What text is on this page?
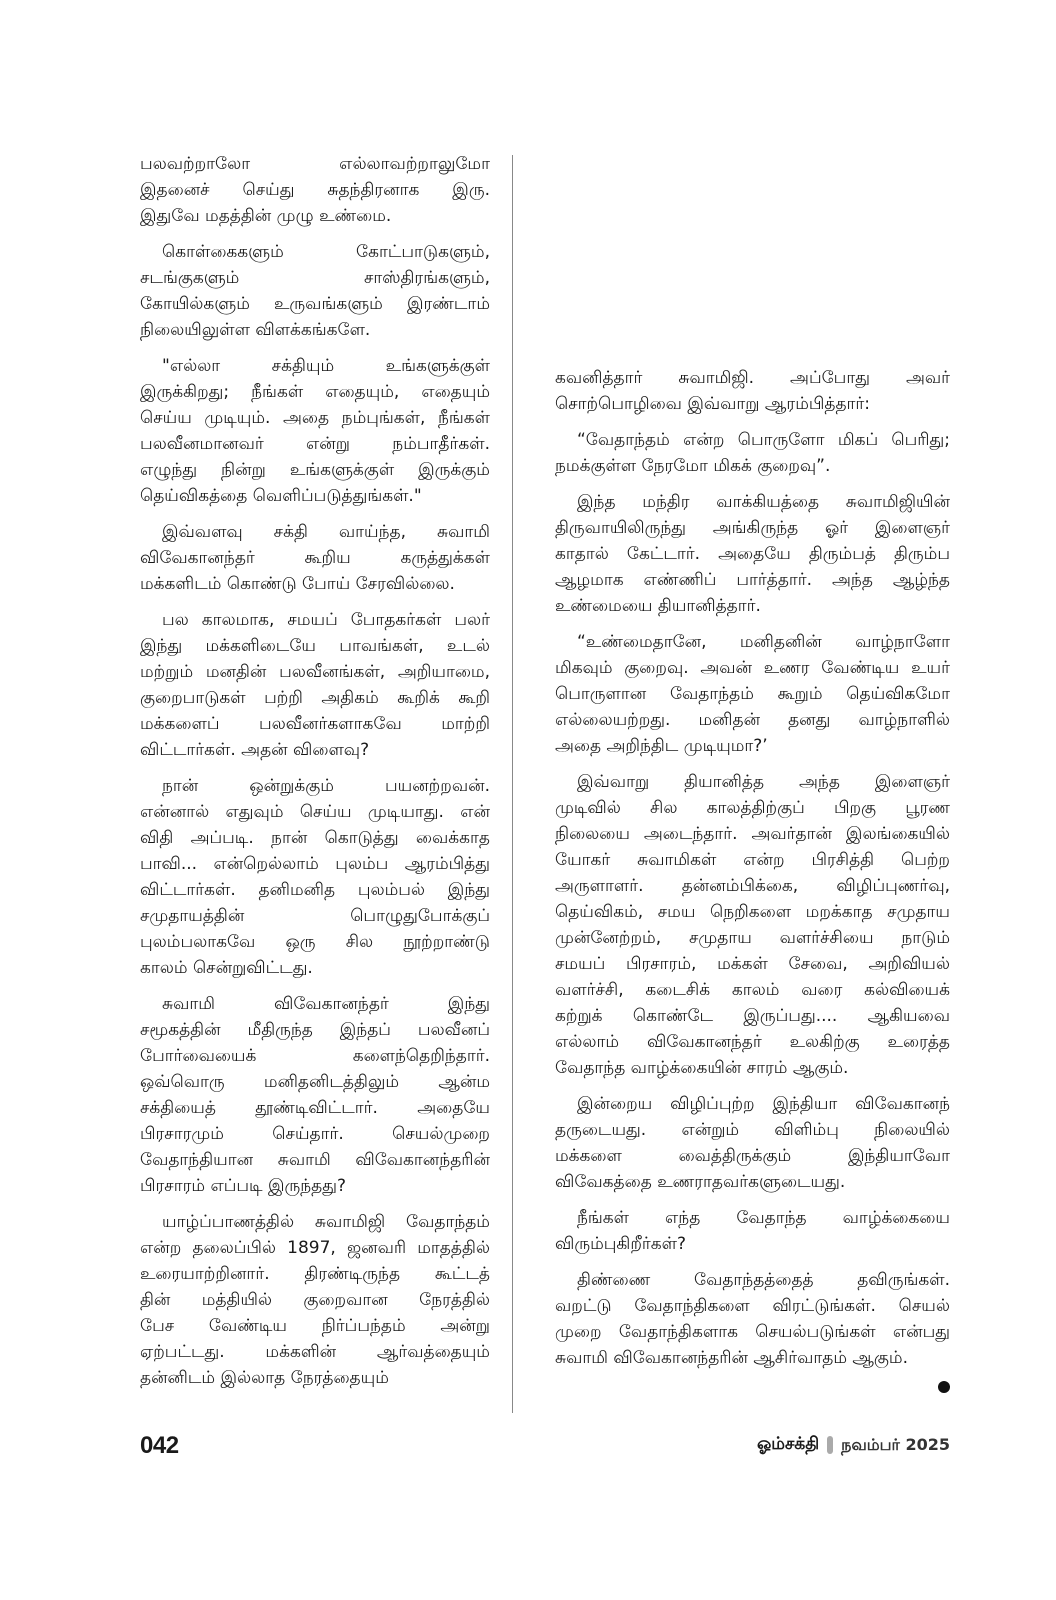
பலவற்றாலோ எல்லாவற்றாலுமோ
இதனைச் செய்து சுதந்திரனாக இரு.
இதுவே மதத்தின் முழு உண்மை.
கொள்கைகளும் கோட்பாடுகளும்,
சடங்குகளும் சாஸ்திரங்களும்,
கோயில்களும் உருவங்களும் இரண்டாம்
நிலையிலுள்ள விளக்கங்களே.
"எல்லா சக்தியும் உங்களுக்குள்
இருக்கிறது; நீங்கள் எதையும், எதையும்
செய்ய முடியும். அதை நம்புங்கள், நீங்கள்
பலவீனமானவர் என்று நம்பாதீர்கள்.
எழுந்து நின்று உங்களுக்குள் இருக்கும்
தெய்விகத்தை வெளிப்படுத்துங்கள்."
இவ்வளவு சக்தி வாய்ந்த, சுவாமி
விவேகானந்தர் கூறிய கருத்துக்கள்
மக்களிடம் கொண்டு போய் சேரவில்லை.
பல காலமாக, சமயப் போதகர்கள் பலர்
இந்து மக்களிடையே பாவங்கள், உடல்
மற்றும் மனதின் பலவீனங்கள், அறியாமை,
குறைபாடுகள் பற்றி அதிகம் கூறிக் கூறி
மக்களைப் பலவீனர்களாகவே மாற்றி
விட்டார்கள். அதன் விளைவு?
நான் ஒன்றுக்கும் பயனற்றவன்.
என்னால் எதுவும் செய்ய முடியாது. என்
விதி அப்படி. நான் கொடுத்து வைக்காத
பாவி... என்றெல்லாம் புலம்ப ஆரம்பித்து
விட்டார்கள். தனிமனித புலம்பல் இந்து
சமுதாயத்தின் பொழுதுபோக்குப்
புலம்பலாகவே ஒரு சில நூற்றாண்டு
காலம் சென்றுவிட்டது.
சுவாமி விவேகானந்தர் இந்து
சமூகத்தின் மீதிருந்த இந்தப் பலவீனப்
போர்வையைக் களைந்தெறிந்தார்.
ஒவ்வொரு மனிதனிடத்திலும் ஆன்ம
சக்தியைத் தூண்டிவிட்டார். அதையே
பிரசாரமும் செய்தார். செயல்முறை
வேதாந்தியான சுவாமி விவேகானந்தரின்
பிரசாரம் எப்படி இருந்தது?
யாழ்ப்பாணத்தில் சுவாமிஜி வேதாந்தம்
என்ற தலைப்பில் 1897, ஜனவரி மாதத்தில்
உரையாற்றினார். திரண்டிருந்த கூட்டத்
தின் மத்தியில் குறைவான நேரத்தில்
பேச வேண்டிய நிர்ப்பந்தம் அன்று
ஏற்பட்டது. மக்களின் ஆர்வத்தையும்
தன்னிடம் இல்லாத நேரத்தையும்
கவனித்தார் சுவாமிஜி. அப்போது அவர்
சொற்பொழிவை இவ்வாறு ஆரம்பித்தார்:
“வேதாந்தம் என்ற பொருளோ மிகப் பெரிது;
நமக்குள்ள நேரமோ மிகக் குறைவு”.
இந்த மந்திர வாக்கியத்தை சுவாமிஜியின்
திருவாயிலிருந்து அங்கிருந்த ஓர் இளைஞர்
காதால் கேட்டார். அதையே திரும்பத் திரும்ப
ஆழமாக எண்ணிப் பார்த்தார். அந்த ஆழ்ந்த
உண்மையை தியானித்தார்.
“உண்மைதானே, மனிதனின் வாழ்நாளோ
மிகவும் குறைவு. அவன் உணர வேண்டிய உயர்
பொருளான வேதாந்தம் கூறும் தெய்விகமோ
எல்லையற்றது. மனிதன் தனது வாழ்நாளில்
அதை அறிந்திட முடியுமா?’
இவ்வாறு தியானித்த அந்த இளைஞர்
முடிவில் சில காலத்திற்குப் பிறகு பூரண
நிலையை அடைந்தார். அவர்தான் இலங்கையில்
யோகர் சுவாமிகள் என்ற பிரசித்தி பெற்ற
அருளாளர். தன்னம்பிக்கை, விழிப்புணர்வு,
தெய்விகம், சமய நெறிகளை மறக்காத சமுதாய
முன்னேற்றம், சமுதாய வளர்ச்சியை நாடும்
சமயப் பிரசாரம், மக்கள் சேவை, அறிவியல்
வளர்ச்சி, கடைசிக் காலம் வரை கல்வியைக்
கற்றுக் கொண்டே இருப்பது.... ஆகியவை
எல்லாம் விவேகானந்தர் உலகிற்கு உரைத்த
வேதாந்த வாழ்க்கையின் சாரம் ஆகும்.
இன்றைய விழிப்புற்ற இந்தியா விவேகானந்
தருடையது. என்றும் விளிம்பு நிலையில்
மக்களை வைத்திருக்கும் இந்தியாவோ
விவேகத்தை உணராதவர்களுடையது.
நீங்கள் எந்த வேதாந்த வாழ்க்கையை
விரும்புகிறீர்கள்?
திண்ணை வேதாந்தத்தைத் தவிருங்கள்.
வறட்டு வேதாந்திகளை விரட்டுங்கள். செயல்
முறை வேதாந்திகளாக செயல்படுங்கள் என்பது
சுவாமி விவேகானந்தரின் ஆசிர்வாதம் ஆகும்.
042	ஓம்சக்தி நவம்பர் 2025
